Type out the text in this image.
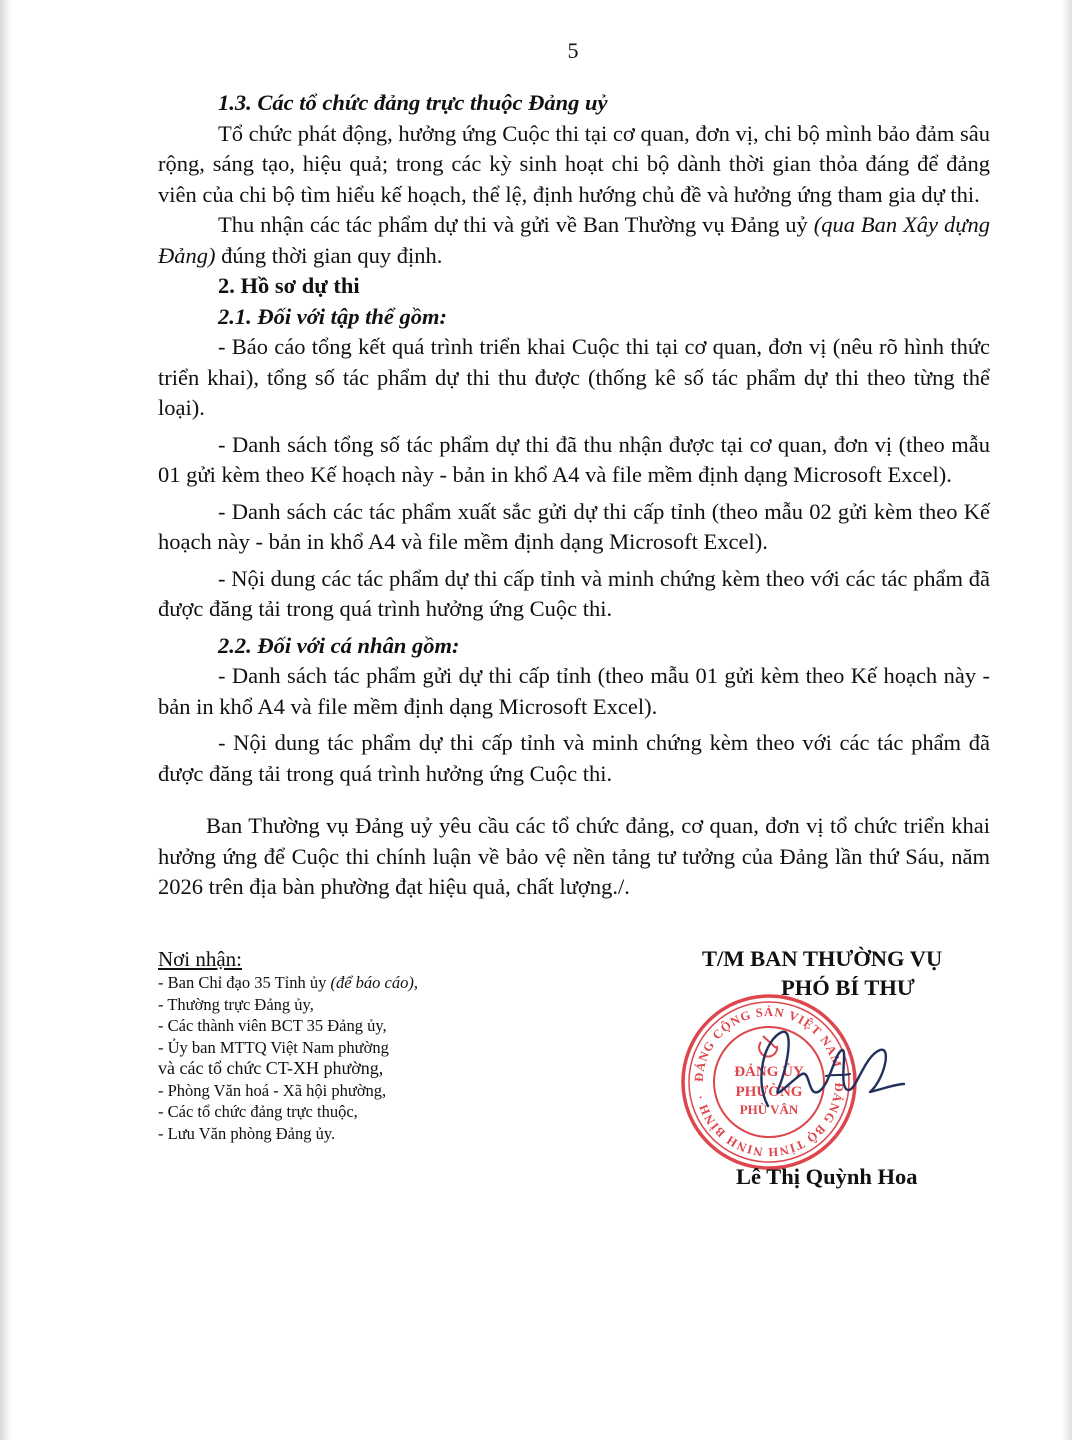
5

1.3. Các tổ chức đảng trực thuộc Đảng uỷ

Tổ chức phát động, hưởng ứng Cuộc thi tại cơ quan, đơn vị, chi bộ mình bảo đảm sâu rộng, sáng tạo, hiệu quả; trong các kỳ sinh hoạt chi bộ dành thời gian thỏa đáng để đảng viên của chi bộ tìm hiểu kế hoạch, thể lệ, định hướng chủ đề và hưởng ứng tham gia dự thi.

Thu nhận các tác phẩm dự thi và gửi về Ban Thường vụ Đảng uỷ (qua Ban Xây dựng Đảng) đúng thời gian quy định.

2. Hồ sơ dự thi

2.1. Đối với tập thể gồm:

- Báo cáo tổng kết quá trình triển khai Cuộc thi tại cơ quan, đơn vị (nêu rõ hình thức triển khai), tổng số tác phẩm dự thi thu được (thống kê số tác phẩm dự thi theo từng thể loại).

- Danh sách tổng số tác phẩm dự thi đã thu nhận được tại cơ quan, đơn vị (theo mẫu 01 gửi kèm theo Kế hoạch này - bản in khổ A4 và file mềm định dạng Microsoft Excel).

- Danh sách các tác phẩm xuất sắc gửi dự thi cấp tỉnh (theo mẫu 02 gửi kèm theo Kế hoạch này - bản in khổ A4 và file mềm định dạng Microsoft Excel).

- Nội dung các tác phẩm dự thi cấp tỉnh và minh chứng kèm theo với các tác phẩm đã được đăng tải trong quá trình hưởng ứng Cuộc thi.

2.2. Đối với cá nhân gồm:

- Danh sách tác phẩm gửi dự thi cấp tỉnh (theo mẫu 01 gửi kèm theo Kế hoạch này - bản in khổ A4 và file mềm định dạng Microsoft Excel).

- Nội dung tác phẩm dự thi cấp tỉnh và minh chứng kèm theo với các tác phẩm đã được đăng tải trong quá trình hưởng ứng Cuộc thi.

Ban Thường vụ Đảng uỷ yêu cầu các tổ chức đảng, cơ quan, đơn vị tổ chức triển khai hưởng ứng để Cuộc thi chính luận về bảo vệ nền tảng tư tưởng của Đảng lần thứ Sáu, năm 2026 trên địa bàn phường đạt hiệu quả, chất lượng./.

Nơi nhận:
- Ban Chỉ đạo 35 Tỉnh ủy (để báo cáo),
- Thường trực Đảng ủy,
- Các thành viên BCT 35 Đảng ủy,
- Ủy ban MTTQ Việt Nam phường
và các tổ chức CT-XH phường,
- Phòng Văn hoá - Xã hội phường,
- Các tổ chức đảng trực thuộc,
- Lưu Văn phòng Đảng ủy.
T/M BAN THƯỜNG VỤ
PHÓ BÍ THƯ
ĐẢNG CỘNG SẢN VIỆT NAM · ĐẢNG BỘ TỈNH NINH BÌNH ·
ĐẢNG ỦY
PHƯỜNG
PHÙ VÂN
Lê Thị Quỳnh Hoa
